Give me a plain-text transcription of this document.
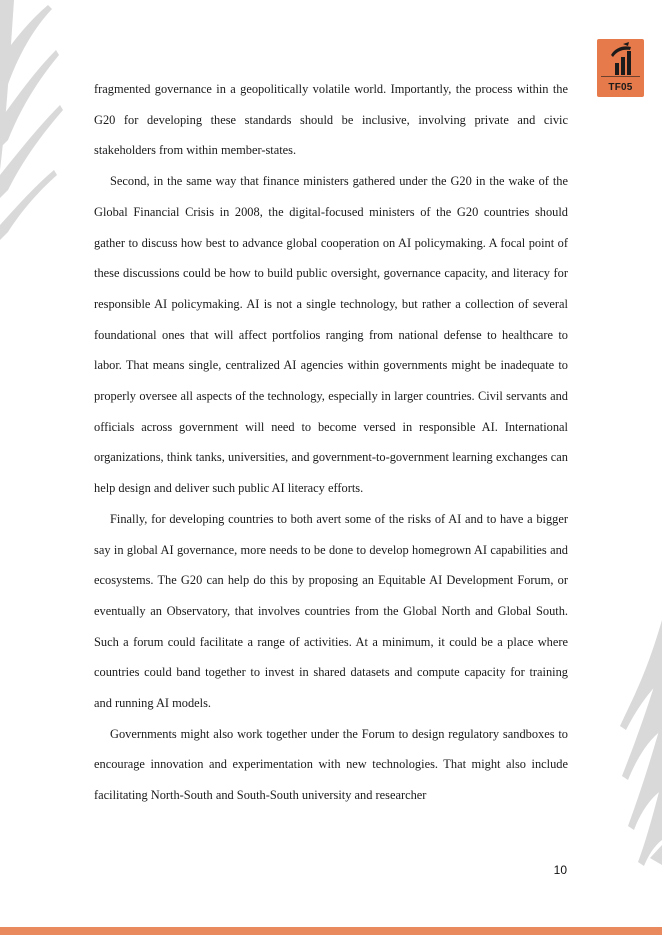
TF05

fragmented governance in a geopolitically volatile world. Importantly, the process within the G20 for developing these standards should be inclusive, involving private and civic stakeholders from within member-states.

Second, in the same way that finance ministers gathered under the G20 in the wake of the Global Financial Crisis in 2008, the digital-focused ministers of the G20 countries should gather to discuss how best to advance global cooperation on AI policymaking. A focal point of these discussions could be how to build public oversight, governance capacity, and literacy for responsible AI policymaking. AI is not a single technology, but rather a collection of several foundational ones that will affect portfolios ranging from national defense to healthcare to labor. That means single, centralized AI agencies within governments might be inadequate to properly oversee all aspects of the technology, especially in larger countries. Civil servants and officials across government will need to become versed in responsible AI. International organizations, think tanks, universities, and government-to-government learning exchanges can help design and deliver such public AI literacy efforts.

Finally, for developing countries to both avert some of the risks of AI and to have a bigger say in global AI governance, more needs to be done to develop homegrown AI capabilities and ecosystems. The G20 can help do this by proposing an Equitable AI Development Forum, or eventually an Observatory, that involves countries from the Global North and Global South. Such a forum could facilitate a range of activities. At a minimum, it could be a place where countries could band together to invest in shared datasets and compute capacity for training and running AI models.

Governments might also work together under the Forum to design regulatory sandboxes to encourage innovation and experimentation with new technologies. That might also include facilitating North-South and South-South university and researcher

10
